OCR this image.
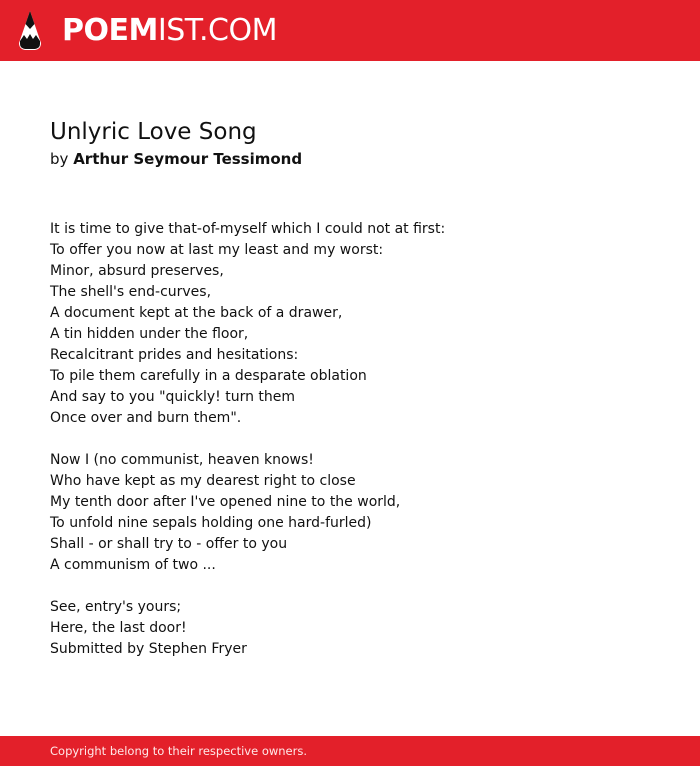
POEMIST.COM
Unlyric Love Song

by Arthur Seymour Tessimond

It is time to give that-of-myself which I could not at first:
To offer you now at last my least and my worst:
Minor, absurd preserves,
The shell's end-curves,
A document kept at the back of a drawer,
A tin hidden under the floor,
Recalcitrant prides and hesitations:
To pile them carefully in a desparate oblation
And say to you "quickly! turn them
Once over and burn them".
Now I (no communist, heaven knows!
Who have kept as my dearest right to close
My tenth door after I've opened nine to the world,
To unfold nine sepals holding one hard-furled)
Shall - or shall try to - offer to you
A communism of two ...
See, entry's yours;
Here, the last door!
Submitted by Stephen Fryer
Copyright belong to their respective owners.
